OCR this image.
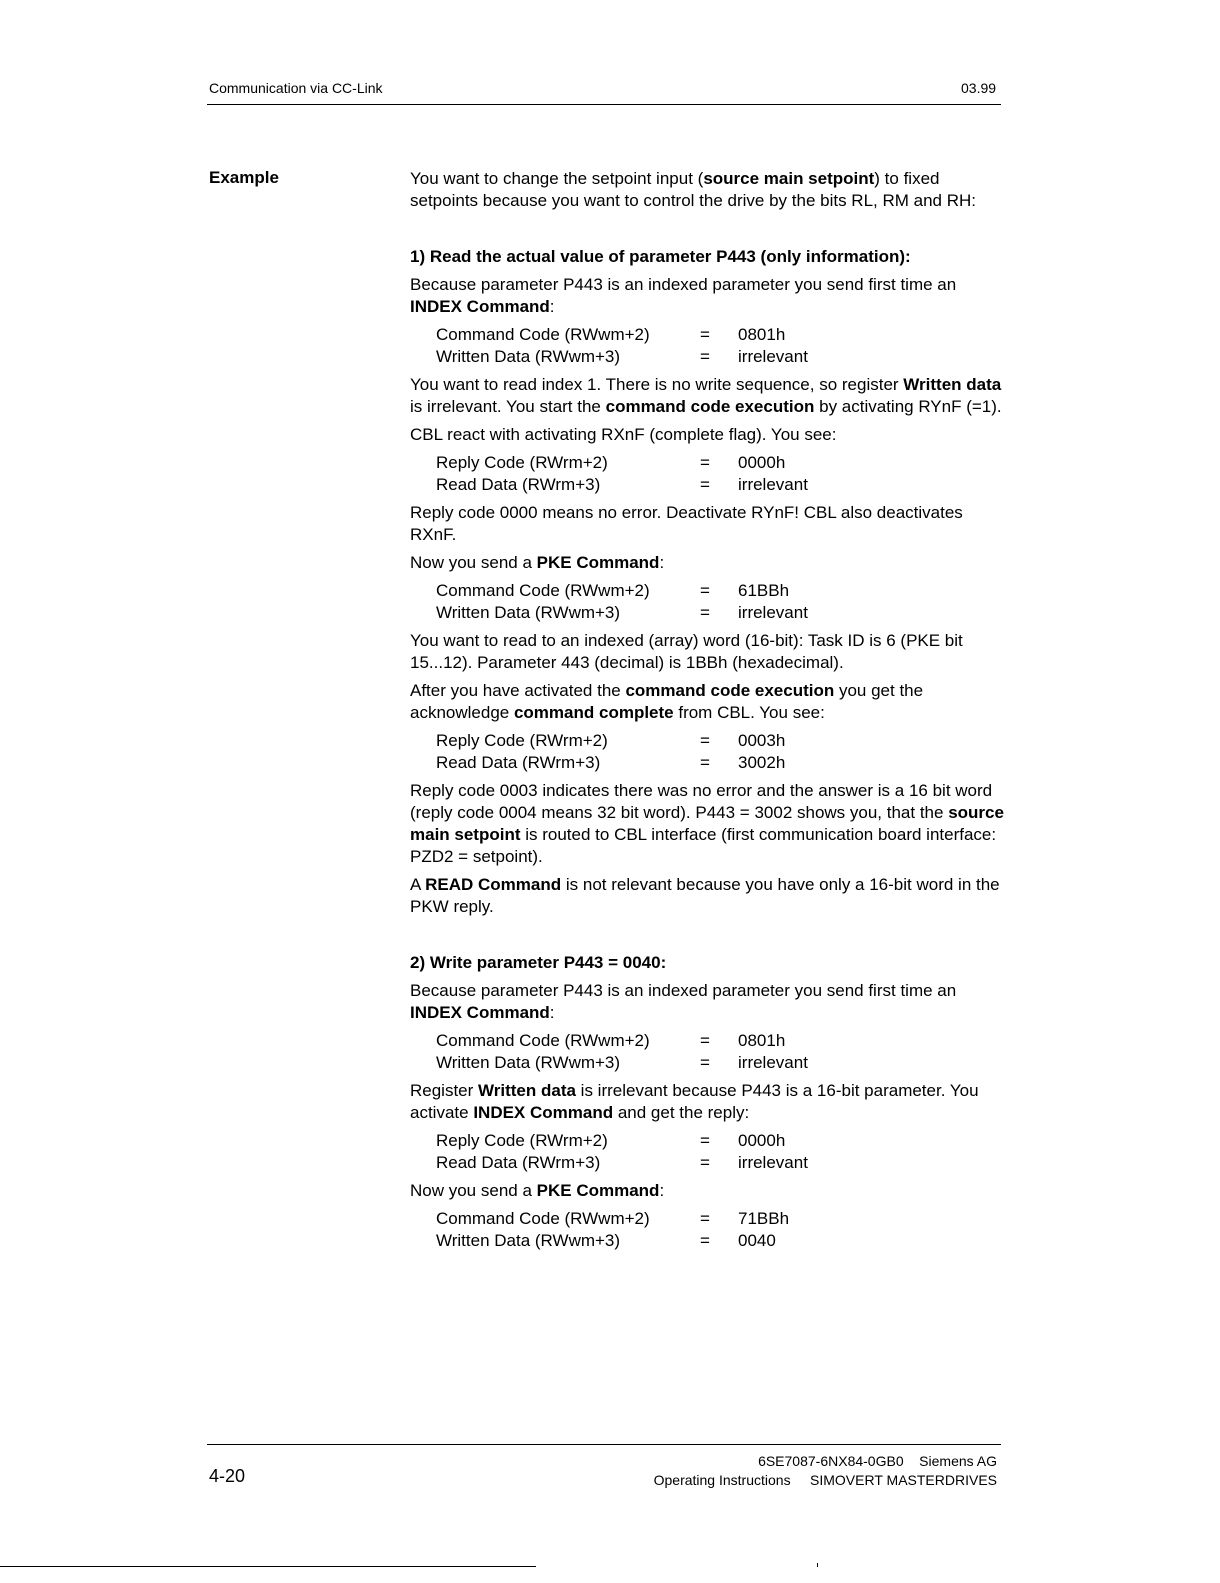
Communication via CC-Link	03.99
Example	You want to change the setpoint input (source main setpoint) to fixed setpoints because you want to control the drive by the bits RL, RM and RH:

1) Read the actual value of parameter P443 (only information):

Because parameter P443 is an indexed parameter you send first time an INDEX Command:

Command Code (RWwm+2)	= 0801h
Written Data (RWwm+3)	= irrelevant

You want to read index 1. There is no write sequence, so register Written data is irrelevant. You start the command code execution by activating RYnF (=1).

CBL react with activating RXnF (complete flag). You see:

Reply Code (RWrm+2)	= 0000h
Read Data (RWrm+3)	= irrelevant

Reply code 0000 means no error. Deactivate RYnF! CBL also deactivates RXnF.

Now you send a PKE Command:

Command Code (RWwm+2)	= 61BBh
Written Data (RWwm+3)	= irrelevant

You want to read to an indexed (array) word (16-bit): Task ID is 6 (PKE bit 15...12). Parameter 443 (decimal) is 1BBh (hexadecimal).

After you have activated the command code execution you get the acknowledge command complete from CBL. You see:

Reply Code (RWrm+2)	= 0003h
Read Data (RWrm+3)	= 3002h

Reply code 0003 indicates there was no error and the answer is a 16 bit word (reply code 0004 means 32 bit word). P443 = 3002 shows you, that the source main setpoint is routed to CBL interface (first communication board interface: PZD2 = setpoint).

A READ Command is not relevant because you have only a 16-bit word in the PKW reply.

2) Write parameter P443 = 0040:

Because parameter P443 is an indexed parameter you send first time an INDEX Command:

Command Code (RWwm+2)	= 0801h
Written Data (RWwm+3)	= irrelevant

Register Written data is irrelevant because P443 is a 16-bit parameter. You activate INDEX Command and get the reply:

Reply Code (RWrm+2)	= 0000h
Read Data (RWrm+3)	= irrelevant

Now you send a PKE Command:

Command Code (RWwm+2)	= 71BBh
Written Data (RWwm+3)	= 0040
4-20
6SE7087-6NX84-0GB0 Siemens AG
Operating Instructions SIMOVERT MASTERDRIVES
